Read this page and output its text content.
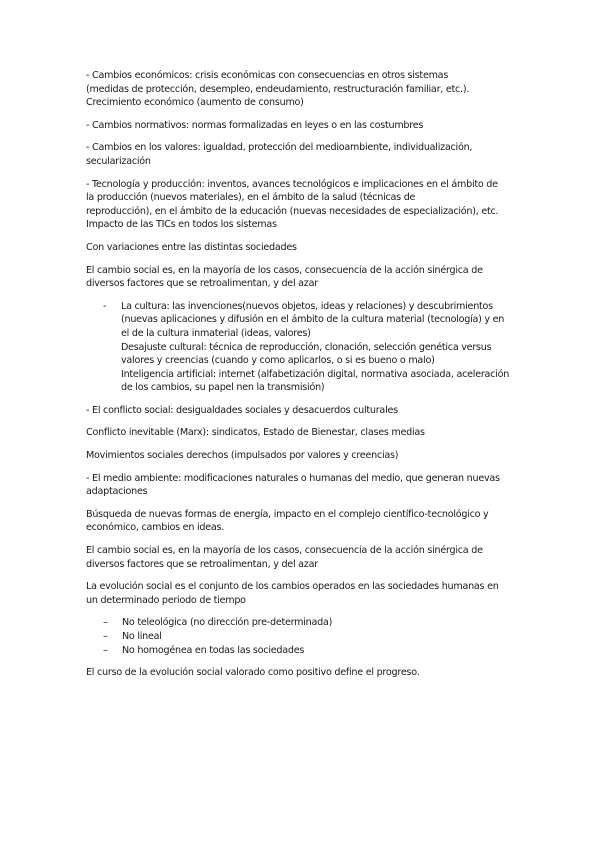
- Cambios económicos: crisis económicas con consecuencias en otros sistemas
(medidas de protección, desempleo, endeudamiento, restructuración familiar, etc.).
Crecimiento económico (aumento de consumo)

- Cambios normativos: normas formalizadas en leyes o en las costumbres

- Cambios en los valores: igualdad, protección del medioambiente, individualización,
secularización

- Tecnología y producción: inventos, avances tecnológicos e implicaciones en el ámbito de
la producción (nuevos materiales), en el ámbito de la salud (técnicas de
reproducción), en el ámbito de la educación (nuevas necesidades de especialización), etc.
Impacto de las TICs en todos los sistemas

Con variaciones entre las distintas sociedades

El cambio social es, en la mayoría de los casos, consecuencia de la acción sinérgica de
diversos factores que se retroalimentan, y del azar

- La cultura: las invenciones(nuevos objetos, ideas y relaciones) y descubrimientos
(nuevas aplicaciones y difusión en el ámbito de la cultura material (tecnología) y en
el de la cultura inmaterial (ideas, valores)
Desajuste cultural: técnica de reproducción, clonación, selección genética versus
valores y creencias (cuando y como aplicarlos, o si es bueno o malo)
Inteligencia artificial: internet (alfabetización digital, normativa asociada, aceleración
de los cambios, su papel nen la transmisión)

- El conflicto social: desigualdades sociales y desacuerdos culturales

Conflicto inevitable (Marx): sindicatos, Estado de Bienestar, clases medias

Movimientos sociales derechos (impulsados por valores y creencias)

- El medio ambiente: modificaciones naturales o humanas del medio, que generan nuevas
adaptaciones

Búsqueda de nuevas formas de energía, impacto en el complejo científico-tecnológico y
económico, cambios en ideas.

El cambio social es, en la mayoría de los casos, consecuencia de la acción sinérgica de
diversos factores que se retroalimentan, y del azar

La evolución social es el conjunto de los cambios operados en las sociedades humanas en
un determinado periodo de tiempo

– No teleológica (no dirección pre-determinada)
– No lineal
– No homogénea en todas las sociedades

El curso de la evolución social valorado como positivo define el progreso.
